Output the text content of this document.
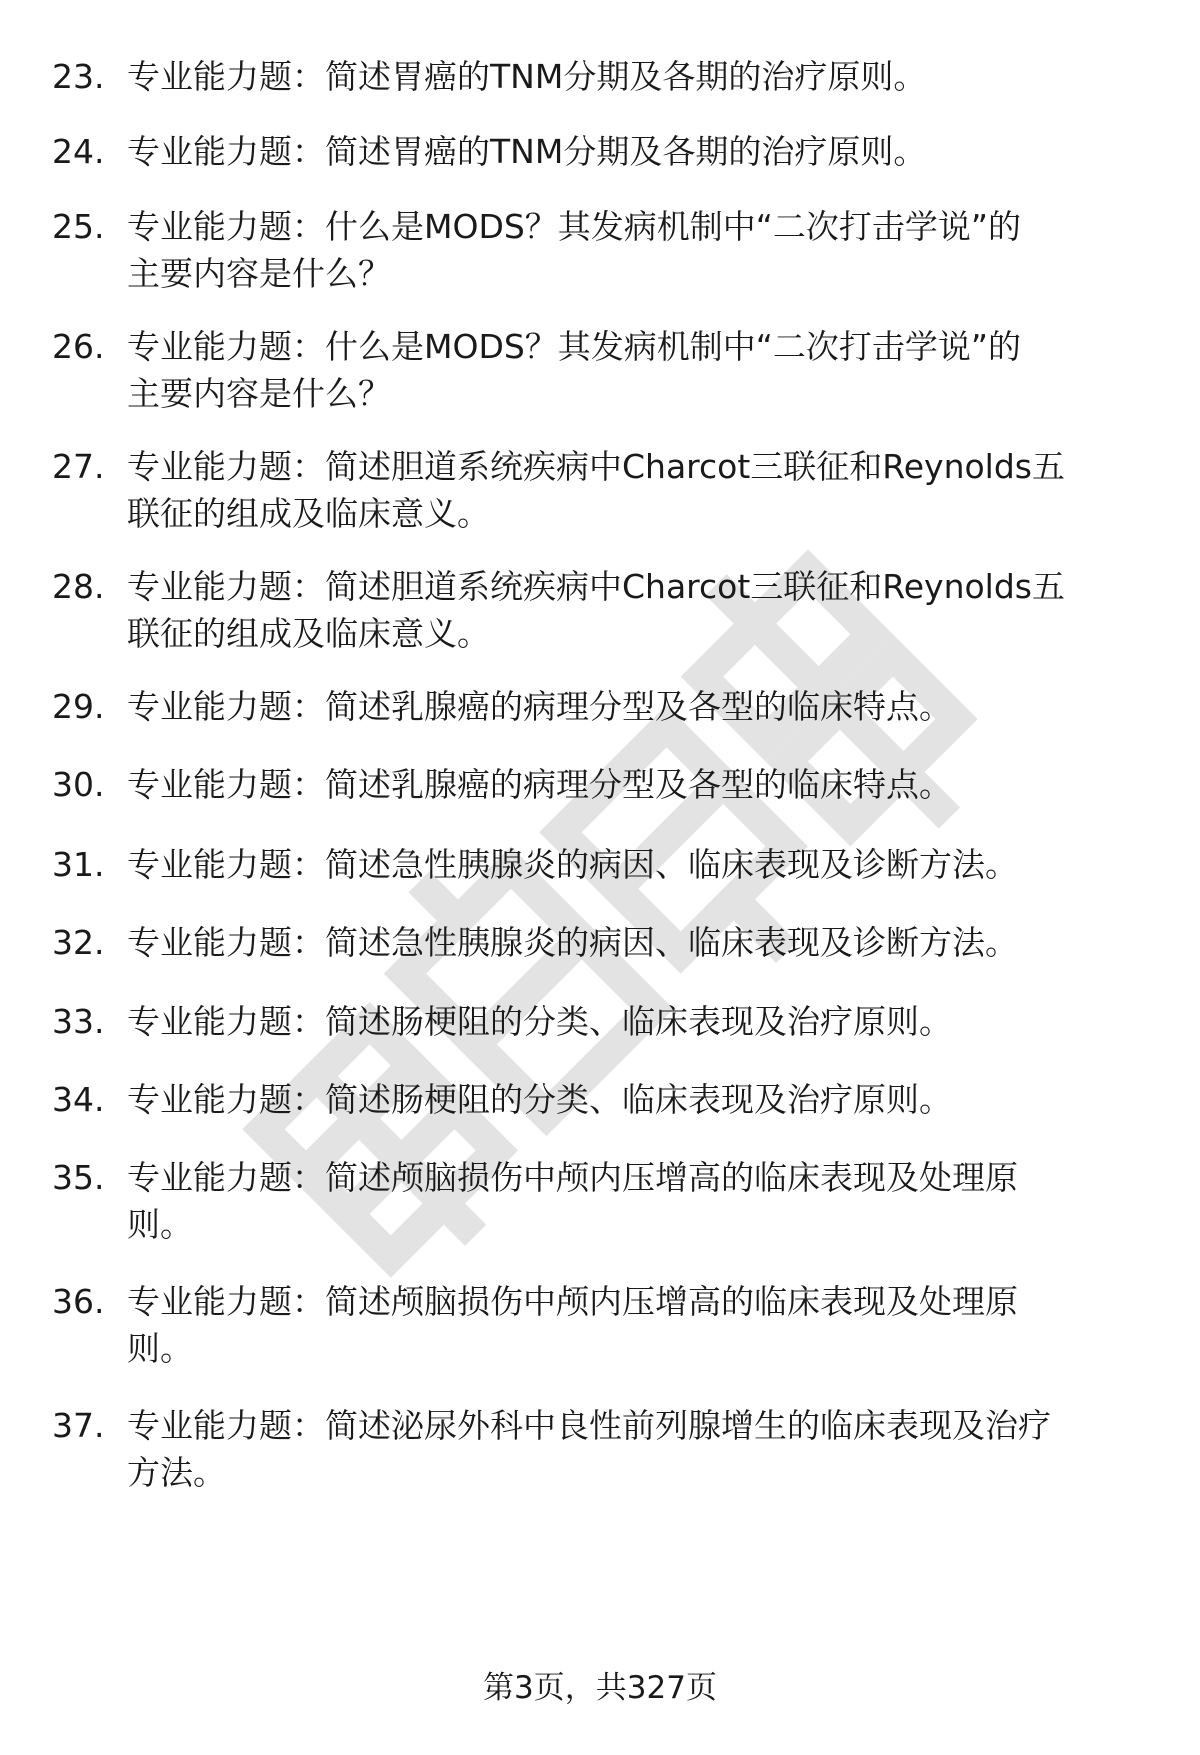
23. 专业能力题：简述胃癌的TNM分期及各期的治疗原则。
24. 专业能力题：简述胃癌的TNM分期及各期的治疗原则。
25. 专业能力题：什么是MODS？其发病机制中“二次打击学说”的
主要内容是什么？
26. 专业能力题：什么是MODS？其发病机制中“二次打击学说”的
主要内容是什么？
27. 专业能力题：简述胆道系统疾病中Charcot三联征和Reynolds五
联征的组成及临床意义。
28. 专业能力题：简述胆道系统疾病中Charcot三联征和Reynolds五
联征的组成及临床意义。
29. 专业能力题：简述乳腺癌的病理分型及各型的临床特点。
30. 专业能力题：简述乳腺癌的病理分型及各型的临床特点。
31. 专业能力题：简述急性胰腺炎的病因、临床表现及诊断方法。
32. 专业能力题：简述急性胰腺炎的病因、临床表现及诊断方法。
33. 专业能力题：简述肠梗阻的分类、临床表现及治疗原则。
34. 专业能力题：简述肠梗阻的分类、临床表现及治疗原则。
35. 专业能力题：简述颅脑损伤中颅内压增高的临床表现及处理原
则。
36. 专业能力题：简述颅脑损伤中颅内压增高的临床表现及处理原
则。
37. 专业能力题：简述泌尿外科中良性前列腺增生的临床表现及治疗
方法。
第3页，共327页
